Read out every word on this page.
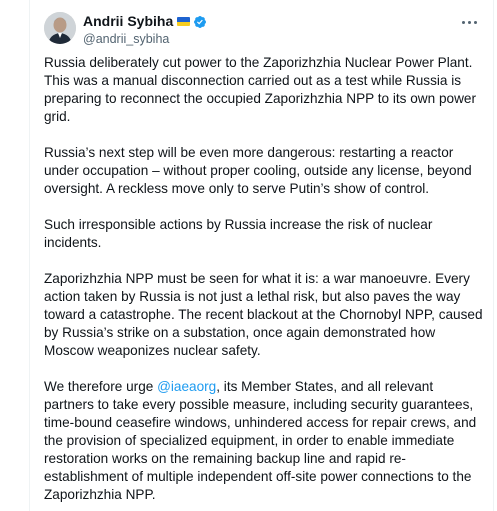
Andrii Sybiha
@andrii_sybiha

Russia deliberately cut power to the Zaporizhzhia Nuclear Power Plant. This was a manual disconnection carried out as a test while Russia is preparing to reconnect the occupied Zaporizhzhia NPP to its own power grid.

Russia’s next step will be even more dangerous: restarting a reactor under occupation – without proper cooling, outside any license, beyond oversight. A reckless move only to serve Putin’s show of control.

Such irresponsible actions by Russia increase the risk of nuclear incidents.

Zaporizhzhia NPP must be seen for what it is: a war manoeuvre. Every action taken by Russia is not just a lethal risk, but also paves the way toward a catastrophe. The recent blackout at the Chornobyl NPP, caused by Russia’s strike on a substation, once again demonstrated how Moscow weaponizes nuclear safety.

We therefore urge @iaeaorg, its Member States, and all relevant partners to take every possible measure, including security guarantees, time-bound ceasefire windows, unhindered access for repair crews, and the provision of specialized equipment, in order to enable immediate restoration works on the remaining backup line and rapid re-establishment of multiple independent off-site power connections to the Zaporizhzhia NPP.
